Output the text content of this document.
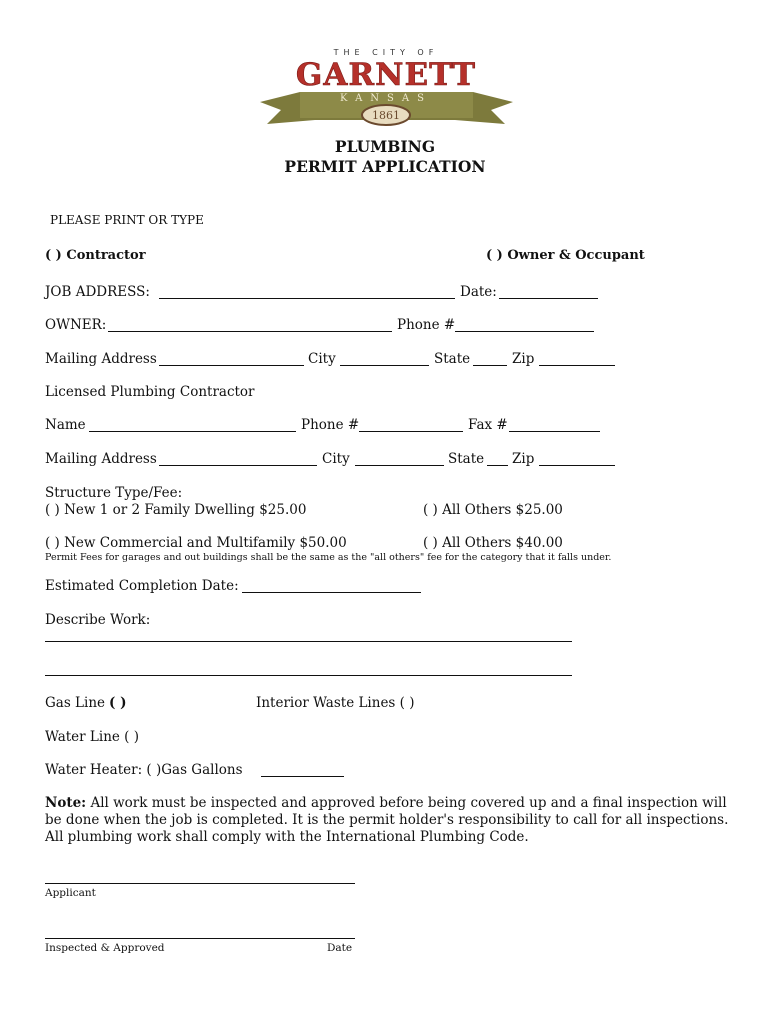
1861
GARNETT
THE CITY OF
KANSAS
PLUMBING
PERMIT APPLICATION
PLEASE PRINT OR TYPE
( ) Contractor	( ) Owner & Occupant
JOB ADDRESS:	Date:
OWNER:	Phone #
Mailing Address	City	State	Zip
Licensed Plumbing Contractor
Name	Phone #	Fax #
Mailing Address	City	State Zip
Structure Type/Fee:
( ) New 1 or 2 Family Dwelling $25.00	( ) All Others $25.00
( ) New Commercial and Multifamily $50.00	( ) All Others $40.00
Permit Fees for garages and out buildings shall be the same as the "all others" fee for the category that it falls under.
Estimated Completion Date:
Describe Work:
Gas Line ( )	Interior Waste Lines ( )
Water Line ( )
Water Heater: ( )Gas Gallons
Note: All work must be inspected and approved before being covered up and a final inspection will be done when the job is completed. It is the permit holder's responsibility to call for all inspections. All plumbing work shall comply with the International Plumbing Code.
Applicant
Inspected & Approved	Date
